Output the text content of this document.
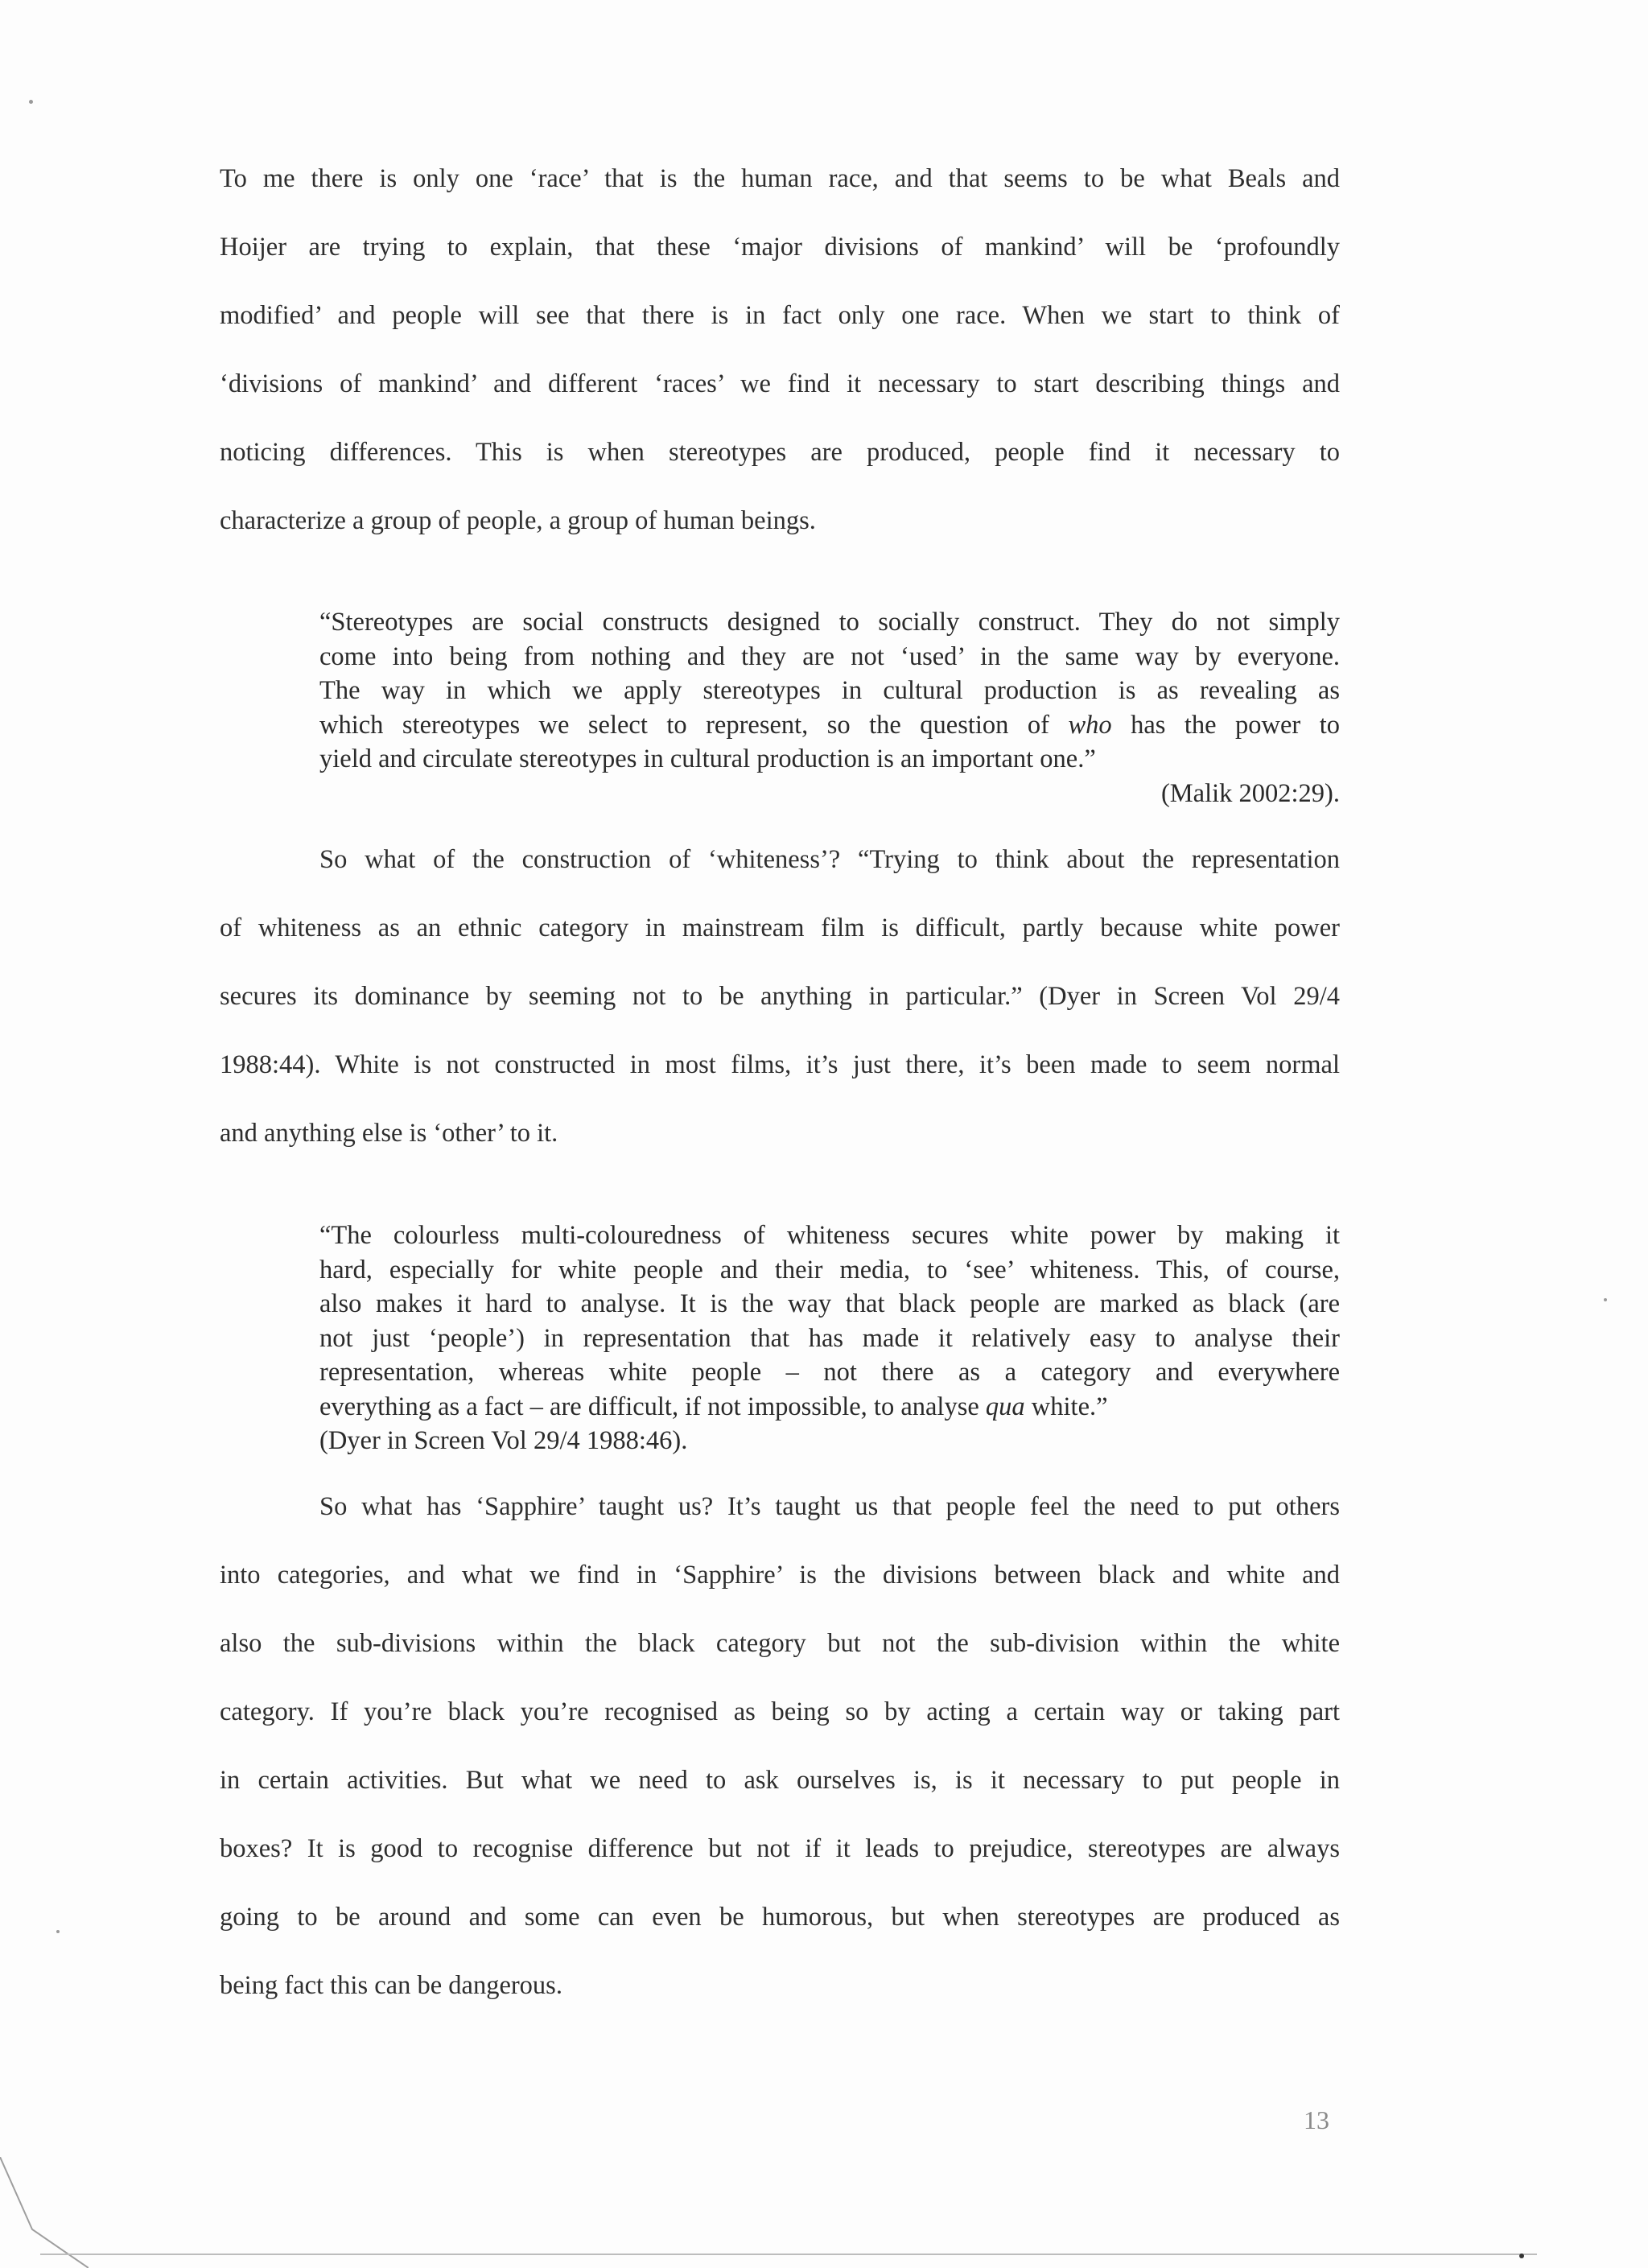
To me there is only one ‘race’ that is the human race, and that seems to be what Beals and
Hoijer are trying to explain, that these ‘major divisions of mankind’ will be ‘profoundly
modified’ and people will see that there is in fact only one race. When we start to think of
‘divisions of mankind’ and different ‘races’ we find it necessary to start describing things and
noticing differences. This is when stereotypes are produced, people find it necessary to
characterize a group of people, a group of human beings.
“Stereotypes are social constructs designed to socially construct. They do not simply
come into being from nothing and they are not ‘used’ in the same way by everyone.
The way in which we apply stereotypes in cultural production is as revealing as
which stereotypes we select to represent, so the question of who has the power to
yield and circulate stereotypes in cultural production is an important one.”
(Malik 2002:29).
So what of the construction of ‘whiteness’? “Trying to think about the representation
of whiteness as an ethnic category in mainstream film is difficult, partly because white power
secures its dominance by seeming not to be anything in particular.” (Dyer in Screen Vol 29/4
1988:44). White is not constructed in most films, it’s just there, it’s been made to seem normal
and anything else is ‘other’ to it.
“The colourless multi-colouredness of whiteness secures white power by making it
hard, especially for white people and their media, to ‘see’ whiteness. This, of course,
also makes it hard to analyse. It is the way that black people are marked as black (are
not just ‘people’) in representation that has made it relatively easy to analyse their
representation, whereas white people – not there as a category and everywhere
everything as a fact – are difficult, if not impossible, to analyse qua white.”
(Dyer in Screen Vol 29/4 1988:46).
So what has ‘Sapphire’ taught us? It’s taught us that people feel the need to put others
into categories, and what we find in ‘Sapphire’ is the divisions between black and white and
also the sub-divisions within the black category but not the sub-division within the white
category. If you’re black you’re recognised as being so by acting a certain way or taking part
in certain activities. But what we need to ask ourselves is, is it necessary to put people in
boxes? It is good to recognise difference but not if it leads to prejudice, stereotypes are always
going to be around and some can even be humorous, but when stereotypes are produced as
being fact this can be dangerous.
13
